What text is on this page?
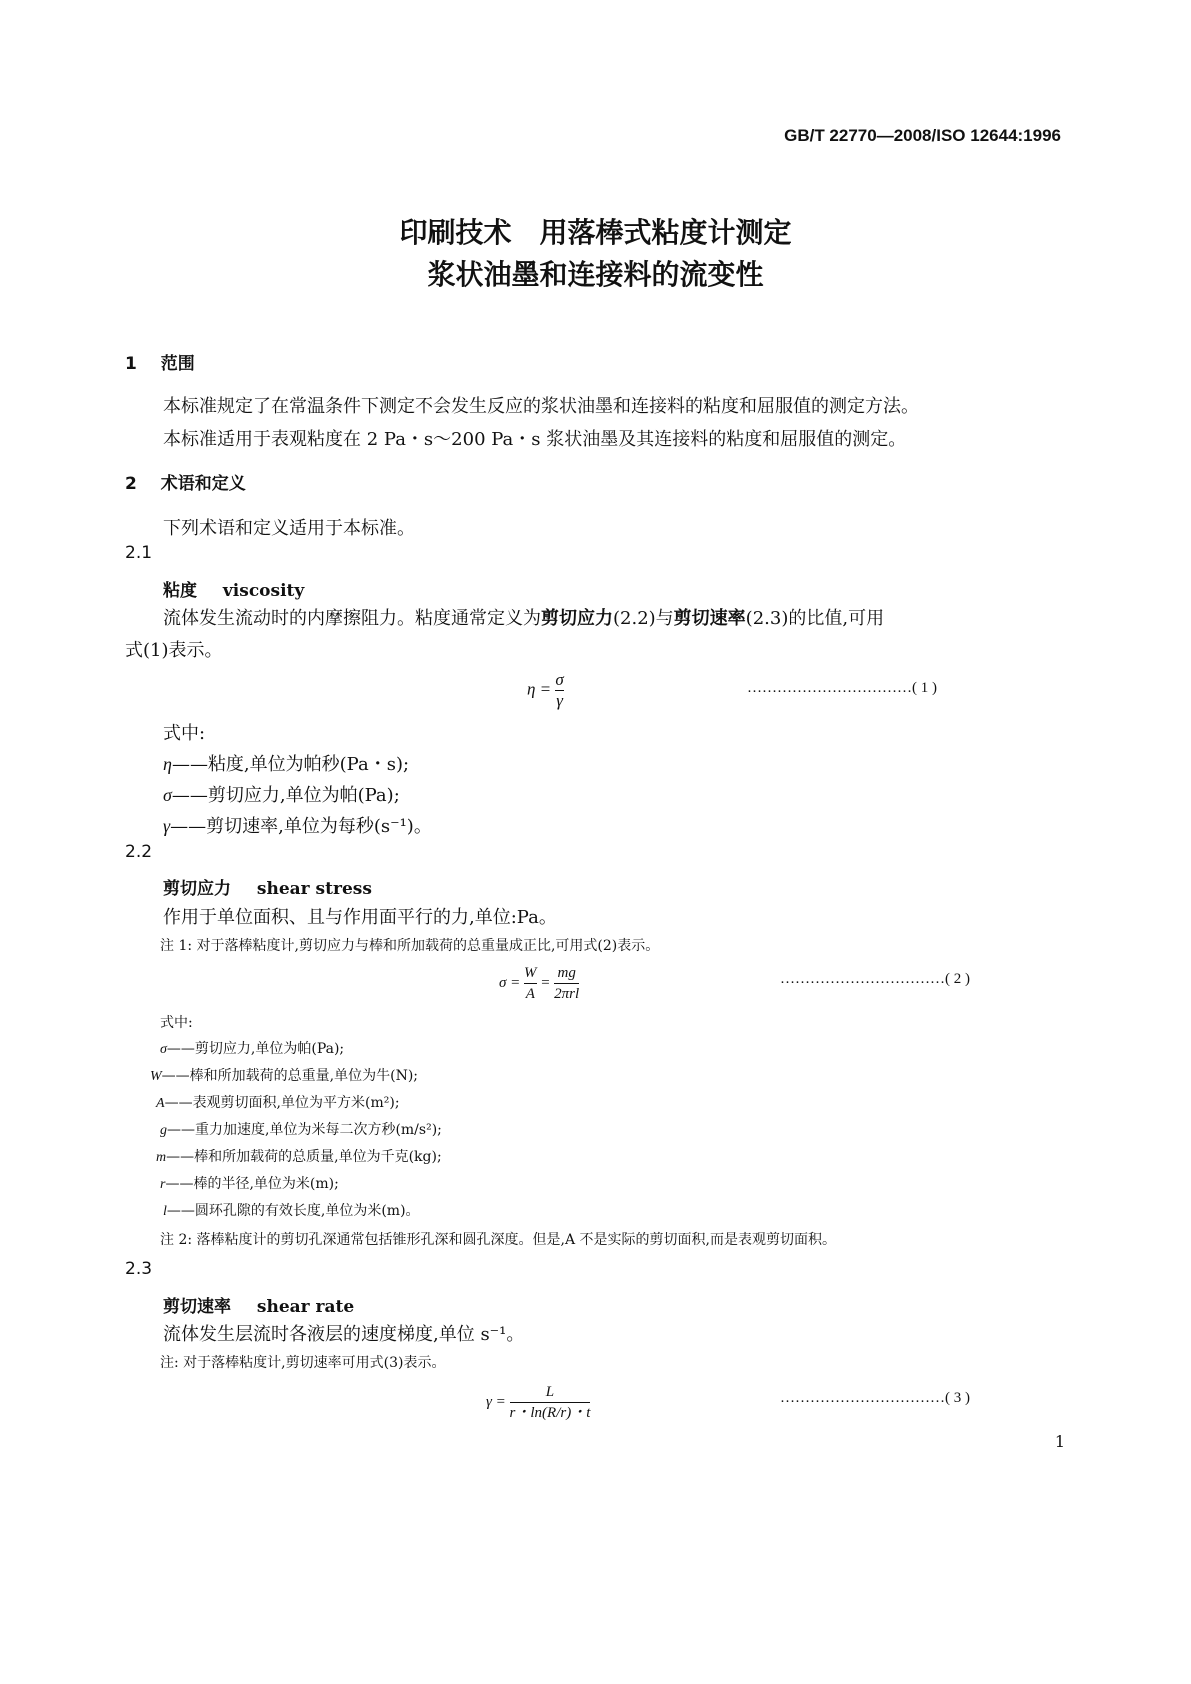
GB/T 22770—2008/ISO 12644:1996
印刷技术　用落棒式粘度计测定
浆状油墨和连接料的流变性
1 范围
本标准规定了在常温条件下测定不会发生反应的浆状油墨和连接料的粘度和屈服值的测定方法。
本标准适用于表观粘度在 2 Pa・s～200 Pa・s 浆状油墨及其连接料的粘度和屈服值的测定。
2 术语和定义
下列术语和定义适用于本标准。
2.1
粘度 viscosity
流体发生流动时的内摩擦阻力。粘度通常定义为剪切应力(2.2)与剪切速率(2.3)的比值,可用
式(1)表示。
$\eta = \frac{\sigma}{\gamma}$	……………………………( 1 )
式中:
η——粘度,单位为帕秒(Pa・s);
σ——剪切应力,单位为帕(Pa);
γ——剪切速率,单位为每秒(s⁻¹)。
2.2
剪切应力 shear stress
作用于单位面积、且与作用面平行的力,单位:Pa。
注 1: 对于落棒粘度计,剪切应力与棒和所加载荷的总重量成正比,可用式(2)表示。
$\sigma = \frac{W}{A} = \frac{mg}{\text{2πrl}}$	……………………………( 2 )
式中:
σ——剪切应力,单位为帕(Pa);
W——棒和所加载荷的总重量,单位为牛(N);
A——表观剪切面积,单位为平方米(m²);
g——重力加速度,单位为米每二次方秒(m/s²);
m——棒和所加载荷的总质量,单位为千克(kg);
r——棒的半径,单位为米(m);
l——圆环孔隙的有效长度,单位为米(m)。
注 2: 落棒粘度计的剪切孔深通常包括锥形孔深和圆孔深度。但是,A 不是实际的剪切面积,而是表观剪切面积。
2.3
剪切速率 shear rate
流体发生层流时各液层的速度梯度,单位 s⁻¹。
注: 对于落棒粘度计,剪切速率可用式(3)表示。
$\gamma = \frac{L}{r・\ln(R/r)・t}$	……………………………( 3 )
1
